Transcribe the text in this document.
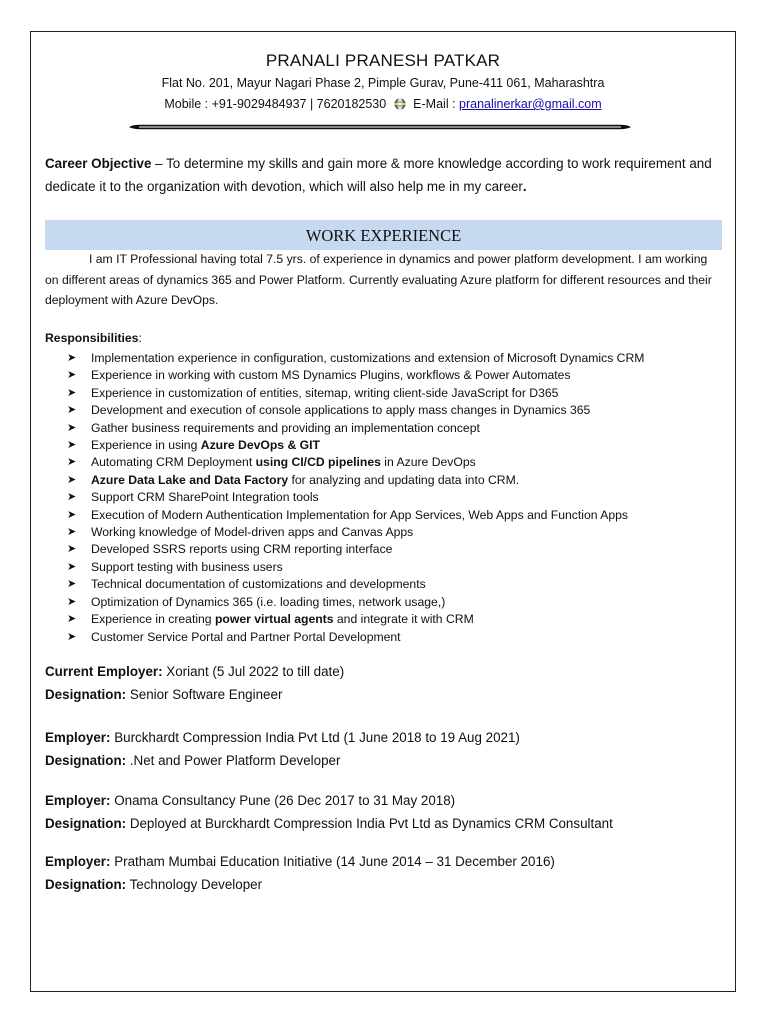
PRANALI PRANESH PATKAR
Flat No. 201, Mayur Nagari Phase 2, Pimple Gurav, Pune-411 061, Maharashtra
Mobile : +91-9029484937 | 7620182530 E-Mail : pranalinerkar@gmail.com
Career Objective – To determine my skills and gain more & more knowledge according to work requirement and dedicate it to the organization with devotion, which will also help me in my career.
WORK EXPERIENCE
I am IT Professional having total 7.5 yrs. of experience in dynamics and power platform development. I am working on different areas of dynamics 365 and Power Platform. Currently evaluating Azure platform for different resources and their deployment with Azure DevOps.
Responsibilities:
➤ Implementation experience in configuration, customizations and extension of Microsoft Dynamics CRM
➤ Experience in working with custom MS Dynamics Plugins, workflows & Power Automates
➤ Experience in customization of entities, sitemap, writing client-side JavaScript for D365
➤ Development and execution of console applications to apply mass changes in Dynamics 365
➤ Gather business requirements and providing an implementation concept
➤ Experience in using Azure DevOps & GIT
➤ Automating CRM Deployment using CI/CD pipelines in Azure DevOps
➤ Azure Data Lake and Data Factory for analyzing and updating data into CRM.
➤ Support CRM SharePoint Integration tools
➤ Execution of Modern Authentication Implementation for App Services, Web Apps and Function Apps
➤ Working knowledge of Model-driven apps and Canvas Apps
➤ Developed SSRS reports using CRM reporting interface
➤ Support testing with business users
➤ Technical documentation of customizations and developments
➤ Optimization of Dynamics 365 (i.e. loading times, network usage,)
➤ Experience in creating power virtual agents and integrate it with CRM
➤ Customer Service Portal and Partner Portal Development
Current Employer: Xoriant (5 Jul 2022 to till date)
Designation: Senior Software Engineer
Employer: Burckhardt Compression India Pvt Ltd (1 June 2018 to 19 Aug 2021)
Designation: .Net and Power Platform Developer
Employer: Onama Consultancy Pune (26 Dec 2017 to 31 May 2018)
Designation: Deployed at Burckhardt Compression India Pvt Ltd as Dynamics CRM Consultant
Employer: Pratham Mumbai Education Initiative (14 June 2014 – 31 December 2016)
Designation: Technology Developer
